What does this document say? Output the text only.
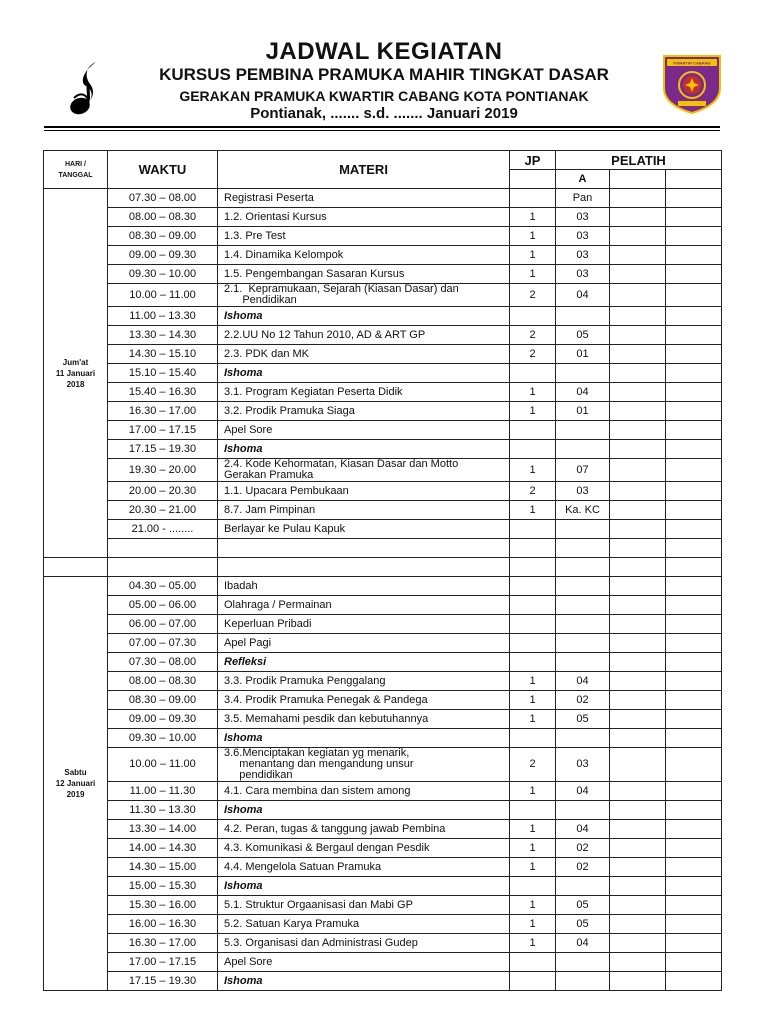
KWARTIR CABANG
JADWAL KEGIATAN
KURSUS PEMBINA PRAMUKA MAHIR TINGKAT DASAR
GERAKAN PRAMUKA KWARTIR CABANG KOTA PONTIANAK
Pontianak, ....... s.d. ....... Januari 2019
HARI / TANGGAL	WAKTU	MATERI	JP	PELATIH		
				A		
Jum'at
11 Januari
2018	07.30 – 08.00	Registrasi Peserta		Pan		
	08.00 – 08.30	1.2. Orientasi Kursus	1	03		
	08.30 – 09.00	1.3. Pre Test	1	03		
	09.00 – 09.30	1.4. Dinamika Kelompok	1	03		
	09.30 – 10.00	1.5. Pengembangan Sasaran Kursus	1	03		
	10.00 – 11.00	2.1.  Kepramukaan, Sejarah (Kiasan Dasar) dan
Pendidikan	2	04		
	11.00 – 13.30	Ishoma				
	13.30 – 14.30	2.2.UU No 12 Tahun 2010, AD & ART GP	2	05		
	14.30 – 15.10	2.3. PDK dan MK	2	01		
	15.10 – 15.40	Ishoma				
	15.40 – 16.30	3.1. Program Kegiatan Peserta Didik	1	04		
	16.30 – 17.00	3.2. Prodik Pramuka Siaga	1	01		
	17.00 – 17.15	Apel Sore				
	17.15 – 19.30	Ishoma				
	19.30 – 20.00	2.4. Kode Kehormatan, Kiasan Dasar dan Motto
Gerakan Pramuka	1	07		
	20.00 – 20.30	1.1. Upacara Pembukaan	2	03		
	20.30 – 21.00	8.7. Jam Pimpinan	1	Ka. KC		
	21.00 - ........	Berlayar ke Pulau Kapuk				

Sabtu
12 Januari
2019	04.30 – 05.00	Ibadah				
	05.00 – 06.00	Olahraga / Permainan				
	06.00 – 07.00	Keperluan Pribadi				
	07.00 – 07.30	Apel Pagi				
	07.30 – 08.00	Refleksi				
	08.00 – 08.30	3.3. Prodik Pramuka Penggalang	1	04		
	08.30 – 09.00	3.4. Prodik Pramuka Penegak & Pandega	1	02		
	09.00 – 09.30	3.5. Memahami pesdik dan kebutuhannya	1	05		
	09.30 – 10.00	Ishoma				
	10.00 – 11.00	3.6.Menciptakan kegiatan yg menarik,
menantang dan mengandung unsur
pendidikan	2	03		
	11.00 – 11.30	4.1. Cara membina dan sistem among	1	04		
	11.30 – 13.30	Ishoma				
	13.30 – 14.00	4.2. Peran, tugas & tanggung jawab Pembina	1	04		
	14.00 – 14.30	4.3. Komunikasi & Bergaul dengan Pesdik	1	02		
	14.30 – 15.00	4.4. Mengelola Satuan Pramuka	1	02		
	15.00 – 15.30	Ishoma				
	15.30 – 16.00	5.1. Struktur Orgaanisasi dan Mabi GP	1	05		
	16.00 – 16.30	5.2. Satuan Karya Pramuka	1	05		
	16.30 – 17.00	5.3. Organisasi dan Administrasi Gudep	1	04		
	17.00 – 17.15	Apel Sore				
	17.15 – 19.30	Ishoma				
